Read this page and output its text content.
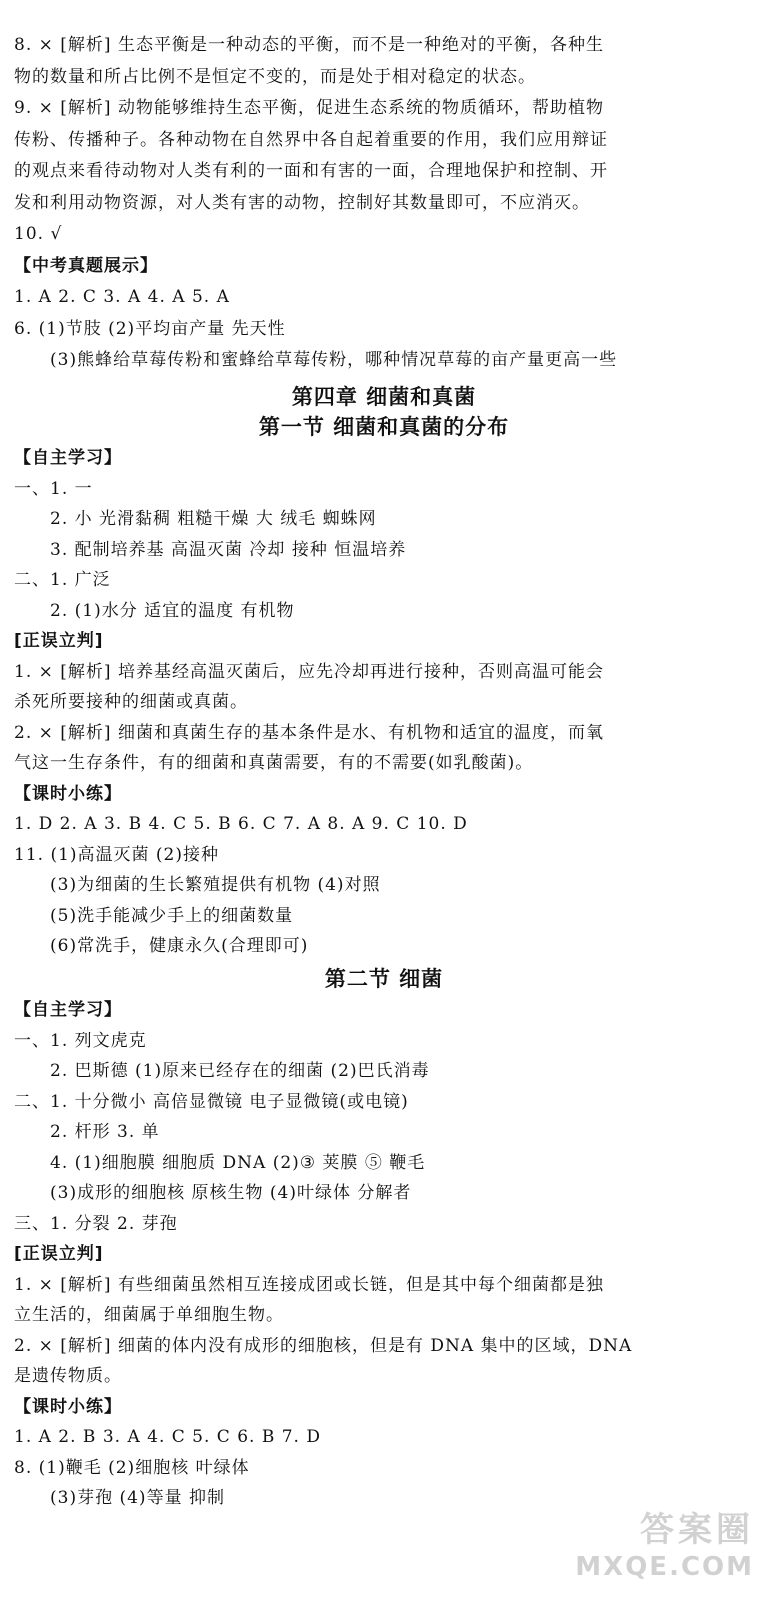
8. × [解析] 生态平衡是一种动态的平衡，而不是一种绝对的平衡，各种生
物的数量和所占比例不是恒定不变的，而是处于相对稳定的状态。
9. × [解析] 动物能够维持生态平衡，促进生态系统的物质循环，帮助植物
传粉、传播种子。各种动物在自然界中各自起着重要的作用，我们应用辩证
的观点来看待动物对人类有利的一面和有害的一面，合理地保护和控制、开
发和利用动物资源，对人类有害的动物，控制好其数量即可，不应消灭。
10. √
【中考真题展示】
1. A 2. C 3. A 4. A 5. A
6. (1)节肢 (2)平均亩产量 先天性
(3)熊蜂给草莓传粉和蜜蜂给草莓传粉，哪种情况草莓的亩产量更高一些
第四章 细菌和真菌
第一节 细菌和真菌的分布
【自主学习】
一、1. 一
2. 小 光滑黏稠 粗糙干燥 大 绒毛 蜘蛛网
3. 配制培养基 高温灭菌 冷却 接种 恒温培养
二、1. 广泛
2. (1)水分 适宜的温度 有机物
[正误立判]
1. × [解析] 培养基经高温灭菌后，应先冷却再进行接种，否则高温可能会
杀死所要接种的细菌或真菌。
2. × [解析] 细菌和真菌生存的基本条件是水、有机物和适宜的温度，而氧
气这一生存条件，有的细菌和真菌需要，有的不需要(如乳酸菌)。
【课时小练】
1. D 2. A 3. B 4. C 5. B 6. C 7. A 8. A 9. C 10. D
11. (1)高温灭菌 (2)接种
(3)为细菌的生长繁殖提供有机物 (4)对照
(5)洗手能减少手上的细菌数量
(6)常洗手，健康永久(合理即可)
第二节 细菌
【自主学习】
一、1. 列文虎克
2. 巴斯德 (1)原来已经存在的细菌 (2)巴氏消毒
二、1. 十分微小 高倍显微镜 电子显微镜(或电镜)
2. 杆形 3. 单
4. (1)细胞膜 细胞质 DNA (2)③ 荚膜 ⑤ 鞭毛
(3)成形的细胞核 原核生物 (4)叶绿体 分解者
三、1. 分裂 2. 芽孢
[正误立判]
1. × [解析] 有些细菌虽然相互连接成团或长链，但是其中每个细菌都是独
立生活的，细菌属于单细胞生物。
2. × [解析] 细菌的体内没有成形的细胞核，但是有 DNA 集中的区域，DNA
是遗传物质。
【课时小练】
1. A 2. B 3. A 4. C 5. C 6. B 7. D
8. (1)鞭毛 (2)细胞核 叶绿体
(3)芽孢 (4)等量 抑制
答案圈
MXQE.COM
